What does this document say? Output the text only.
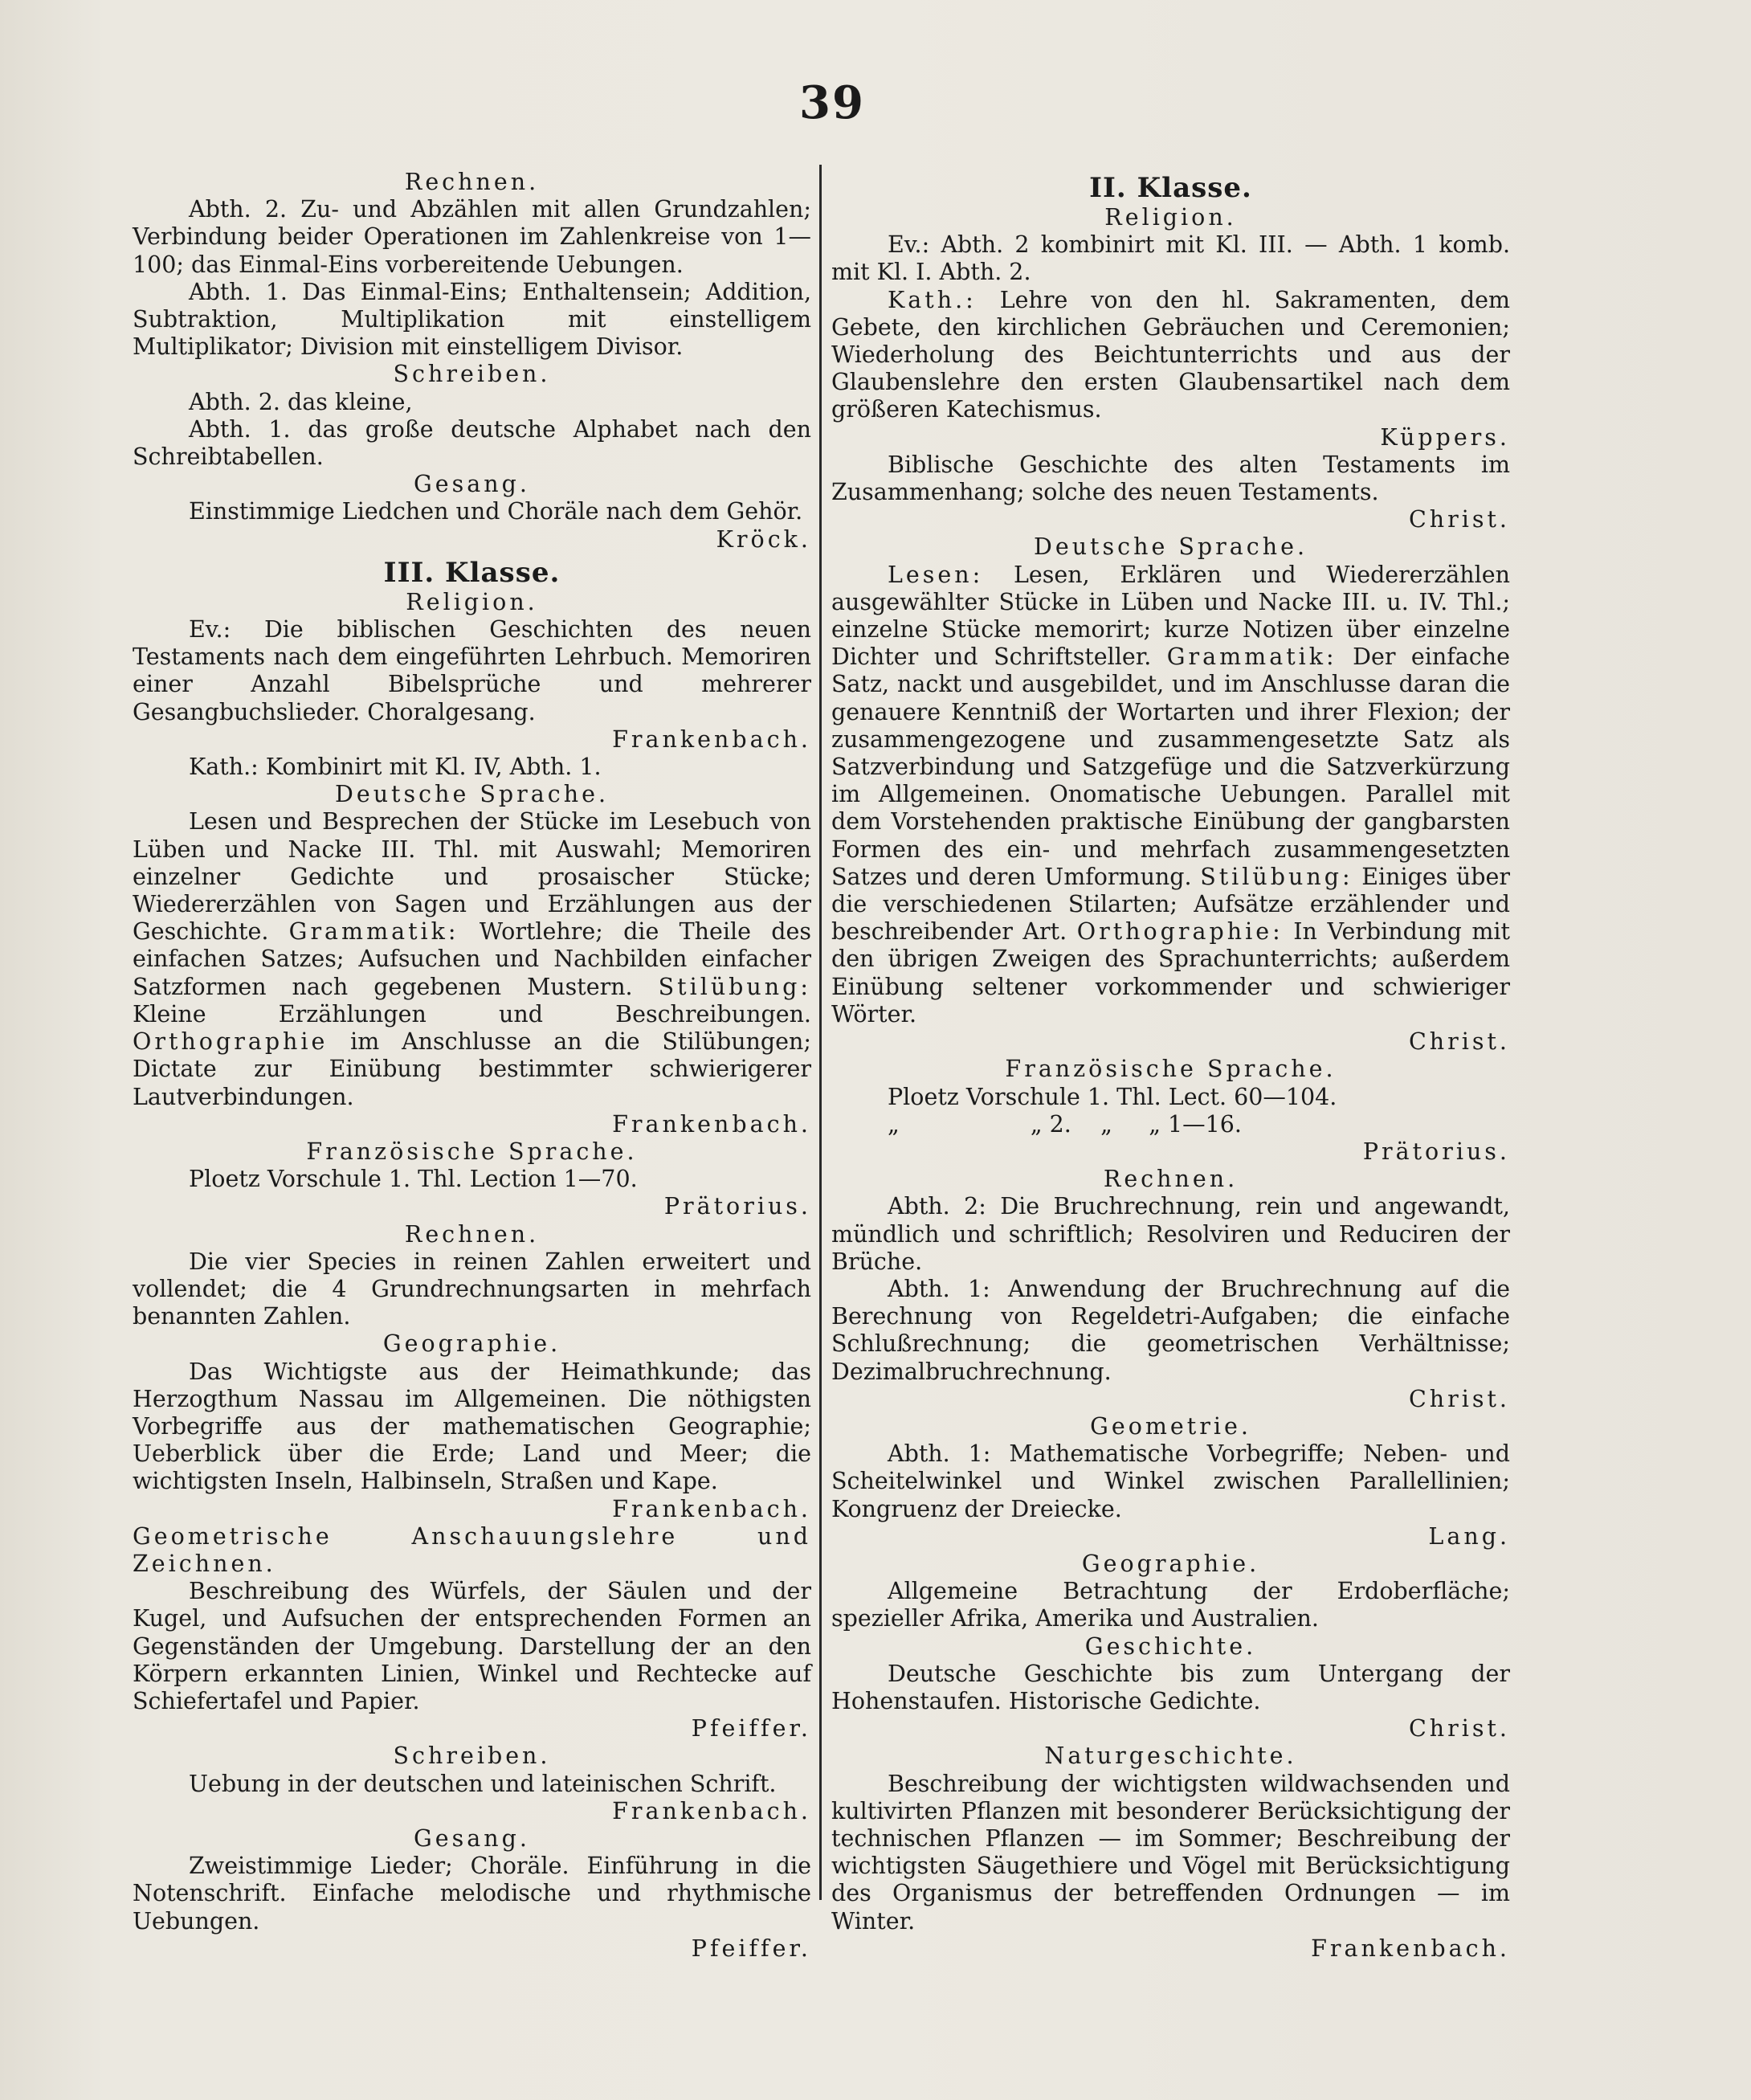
39

Rechnen.

Abth. 2. Zu- und Abzählen mit allen Grundzahlen; Verbindung beider Operationen im Zahlenkreise von 1—100; das Einmal-Eins vorbereitende Uebungen.

Abth. 1. Das Einmal-Eins; Enthaltensein; Addition, Subtraktion, Multiplikation mit einstelligem Multiplikator; Division mit einstelligem Divisor.

Schreiben.

Abth. 2. das kleine,

Abth. 1. das große deutsche Alphabet nach den Schreibtabellen.

Gesang.

Einstimmige Liedchen und Choräle nach dem Gehör.

Kröck.

III. Klasse.

Religion.

Ev.: Die biblischen Geschichten des neuen Testaments nach dem eingeführten Lehrbuch. Memoriren einer Anzahl Bibelsprüche und mehrerer Gesangbuchslieder. Choralgesang.

Frankenbach.

Kath.: Kombinirt mit Kl. IV, Abth. 1.

Deutsche Sprache.

Lesen und Besprechen der Stücke im Lesebuch von Lüben und Nacke III. Thl. mit Auswahl; Memoriren einzelner Gedichte und prosaischer Stücke; Wiedererzählen von Sagen und Erzählungen aus der Geschichte. Grammatik: Wortlehre; die Theile des einfachen Satzes; Aufsuchen und Nachbilden einfacher Satzformen nach gegebenen Mustern. Stilübung: Kleine Erzählungen und Beschreibungen. Orthographie im Anschlusse an die Stilübungen; Dictate zur Einübung bestimmter schwierigerer Lautverbindungen.

Frankenbach.

Französische Sprache.

Ploetz Vorschule 1. Thl. Lection 1—70.

Prätorius.

Rechnen.

Die vier Species in reinen Zahlen erweitert und vollendet; die 4 Grundrechnungsarten in mehrfach benannten Zahlen.

Geographie.

Das Wichtigste aus der Heimathkunde; das Herzogthum Nassau im Allgemeinen. Die nöthigsten Vorbegriffe aus der mathematischen Geographie; Ueberblick über die Erde; Land und Meer; die wichtigsten Inseln, Halbinseln, Straßen und Kape.

Frankenbach.

Geometrische Anschauungslehre und Zeichnen.

Beschreibung des Würfels, der Säulen und der Kugel, und Aufsuchen der entsprechenden Formen an Gegenständen der Umgebung. Darstellung der an den Körpern erkannten Linien, Winkel und Rechtecke auf Schiefertafel und Papier.

Pfeiffer.

Schreiben.

Uebung in der deutschen und lateinischen Schrift.

Frankenbach.

Gesang.

Zweistimmige Lieder; Choräle. Einführung in die Notenschrift. Einfache melodische und rhythmische Uebungen.

Pfeiffer.

II. Klasse.

Religion.

Ev.: Abth. 2 kombinirt mit Kl. III. — Abth. 1 komb. mit Kl. I. Abth. 2.

Kath.: Lehre von den hl. Sakramenten, dem Gebete, den kirchlichen Gebräuchen und Ceremonien; Wiederholung des Beichtunterrichts und aus der Glaubenslehre den ersten Glaubensartikel nach dem größeren Katechismus.

Küppers.

Biblische Geschichte des alten Testaments im Zusammenhang; solche des neuen Testaments.

Christ.

Deutsche Sprache.

Lesen: Lesen, Erklären und Wiedererzählen ausgewählter Stücke in Lüben und Nacke III. u. IV. Thl.; einzelne Stücke memorirt; kurze Notizen über einzelne Dichter und Schriftsteller. Grammatik: Der einfache Satz, nackt und ausgebildet, und im Anschlusse daran die genauere Kenntniß der Wortarten und ihrer Flexion; der zusammengezogene und zusammengesetzte Satz als Satzverbindung und Satzgefüge und die Satzverkürzung im Allgemeinen. Onomatische Uebungen. Parallel mit dem Vorstehenden praktische Einübung der gangbarsten Formen des ein- und mehrfach zusammengesetzten Satzes und deren Umformung. Stilübung: Einiges über die verschiedenen Stilarten; Aufsätze erzählender und beschreibender Art. Orthographie: In Verbindung mit den übrigen Zweigen des Sprachunterrichts; außerdem Einübung seltener vorkommender und schwieriger Wörter.

Christ.

Französische Sprache.

Ploetz Vorschule 1. Thl. Lect. 60—104.

„	„ 2. „ „ 1—16.

Prätorius.

Rechnen.

Abth. 2: Die Bruchrechnung, rein und angewandt, mündlich und schriftlich; Resolviren und Reduciren der Brüche.

Abth. 1: Anwendung der Bruchrechnung auf die Berechnung von Regeldetri-Aufgaben; die einfache Schlußrechnung; die geometrischen Verhältnisse; Dezimalbruchrechnung.

Christ.

Geometrie.

Abth. 1: Mathematische Vorbegriffe; Neben- und Scheitelwinkel und Winkel zwischen Parallellinien; Kongruenz der Dreiecke.

Lang.

Geographie.

Allgemeine Betrachtung der Erdoberfläche; spezieller Afrika, Amerika und Australien.

Geschichte.

Deutsche Geschichte bis zum Untergang der Hohenstaufen. Historische Gedichte.

Christ.

Naturgeschichte.

Beschreibung der wichtigsten wildwachsenden und kultivirten Pflanzen mit besonderer Berücksichtigung der technischen Pflanzen — im Sommer; Beschreibung der wichtigsten Säugethiere und Vögel mit Berücksichtigung des Organismus der betreffenden Ordnungen — im Winter.

Frankenbach.
